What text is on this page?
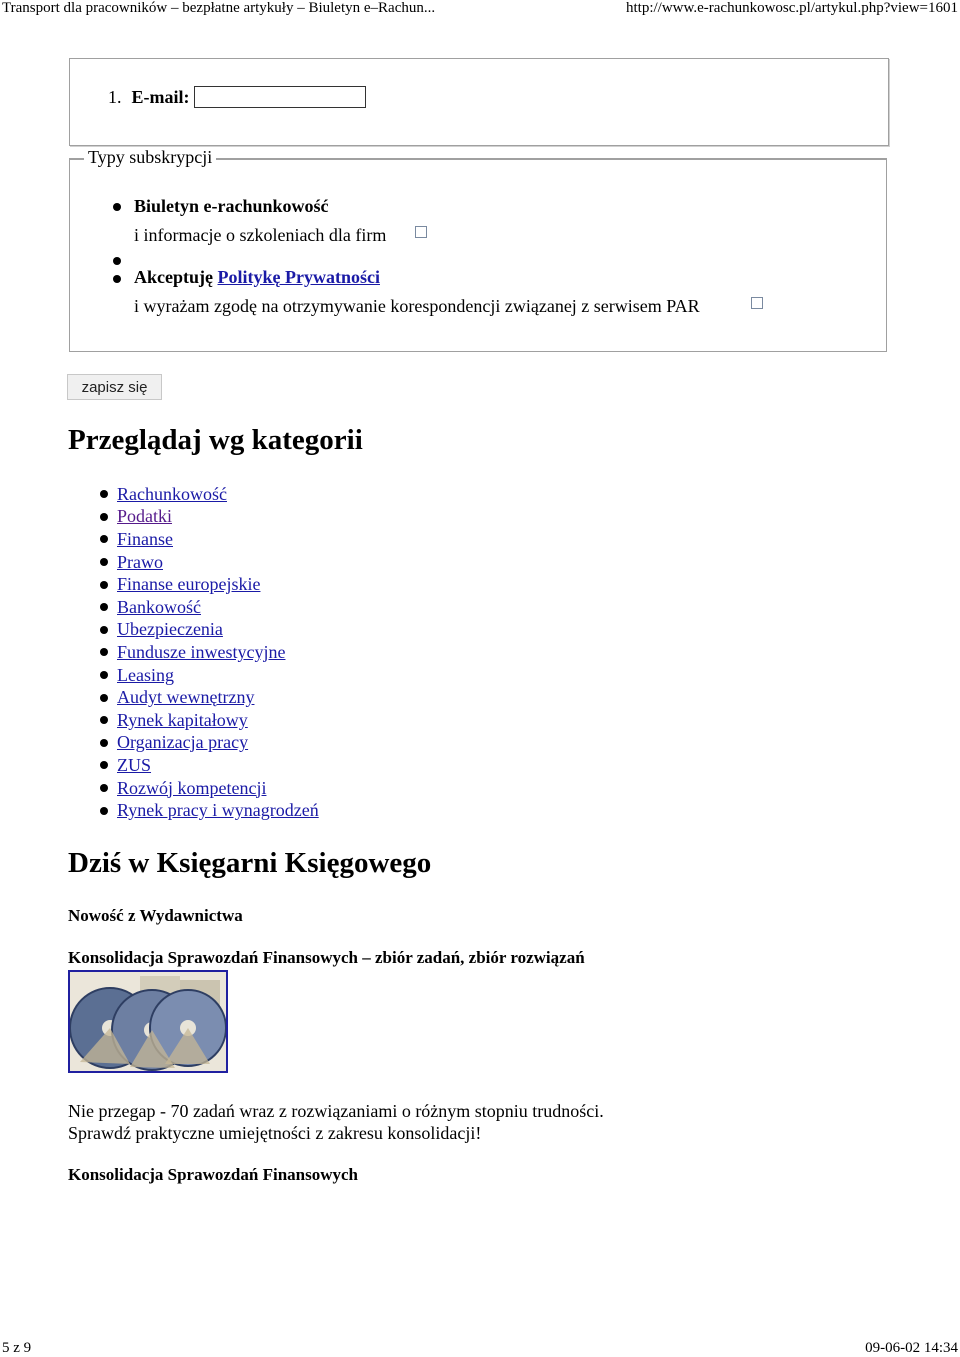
Transport dla pracowników – bezpłatne artykuły – Biuletyn e–Rachun...	http://www.e-rachunkowosc.pl/artykul.php?view=1601
1. E-mail:
Typy subskrypcji
Biuletyn e-rachunkowość
i informacje o szkoleniach dla firm
Akceptuję Politykę Prywatności
i wyrażam zgodę na otrzymywanie korespondencji związanej z serwisem PAR
zapisz się
Przeglądaj wg kategorii
Rachunkowość
Podatki
Finanse
Prawo
Finanse europejskie
Bankowość
Ubezpieczenia
Fundusze inwestycyjne
Leasing
Audyt wewnętrzny
Rynek kapitałowy
Organizacja pracy
ZUS
Rozwój kompetencji
Rynek pracy i wynagrodzeń
Dziś w Księgarni Księgowego
Nowość z Wydawnictwa
Konsolidacja Sprawozdań Finansowych – zbiór zadań, zbiór rozwiązań
Nie przegap - 70 zadań wraz z rozwiązaniami o różnym stopniu trudności.
Sprawdź praktyczne umiejętności z zakresu konsolidacji!
Konsolidacja Sprawozdań Finansowych
5 z 9	09-06-02 14:34
